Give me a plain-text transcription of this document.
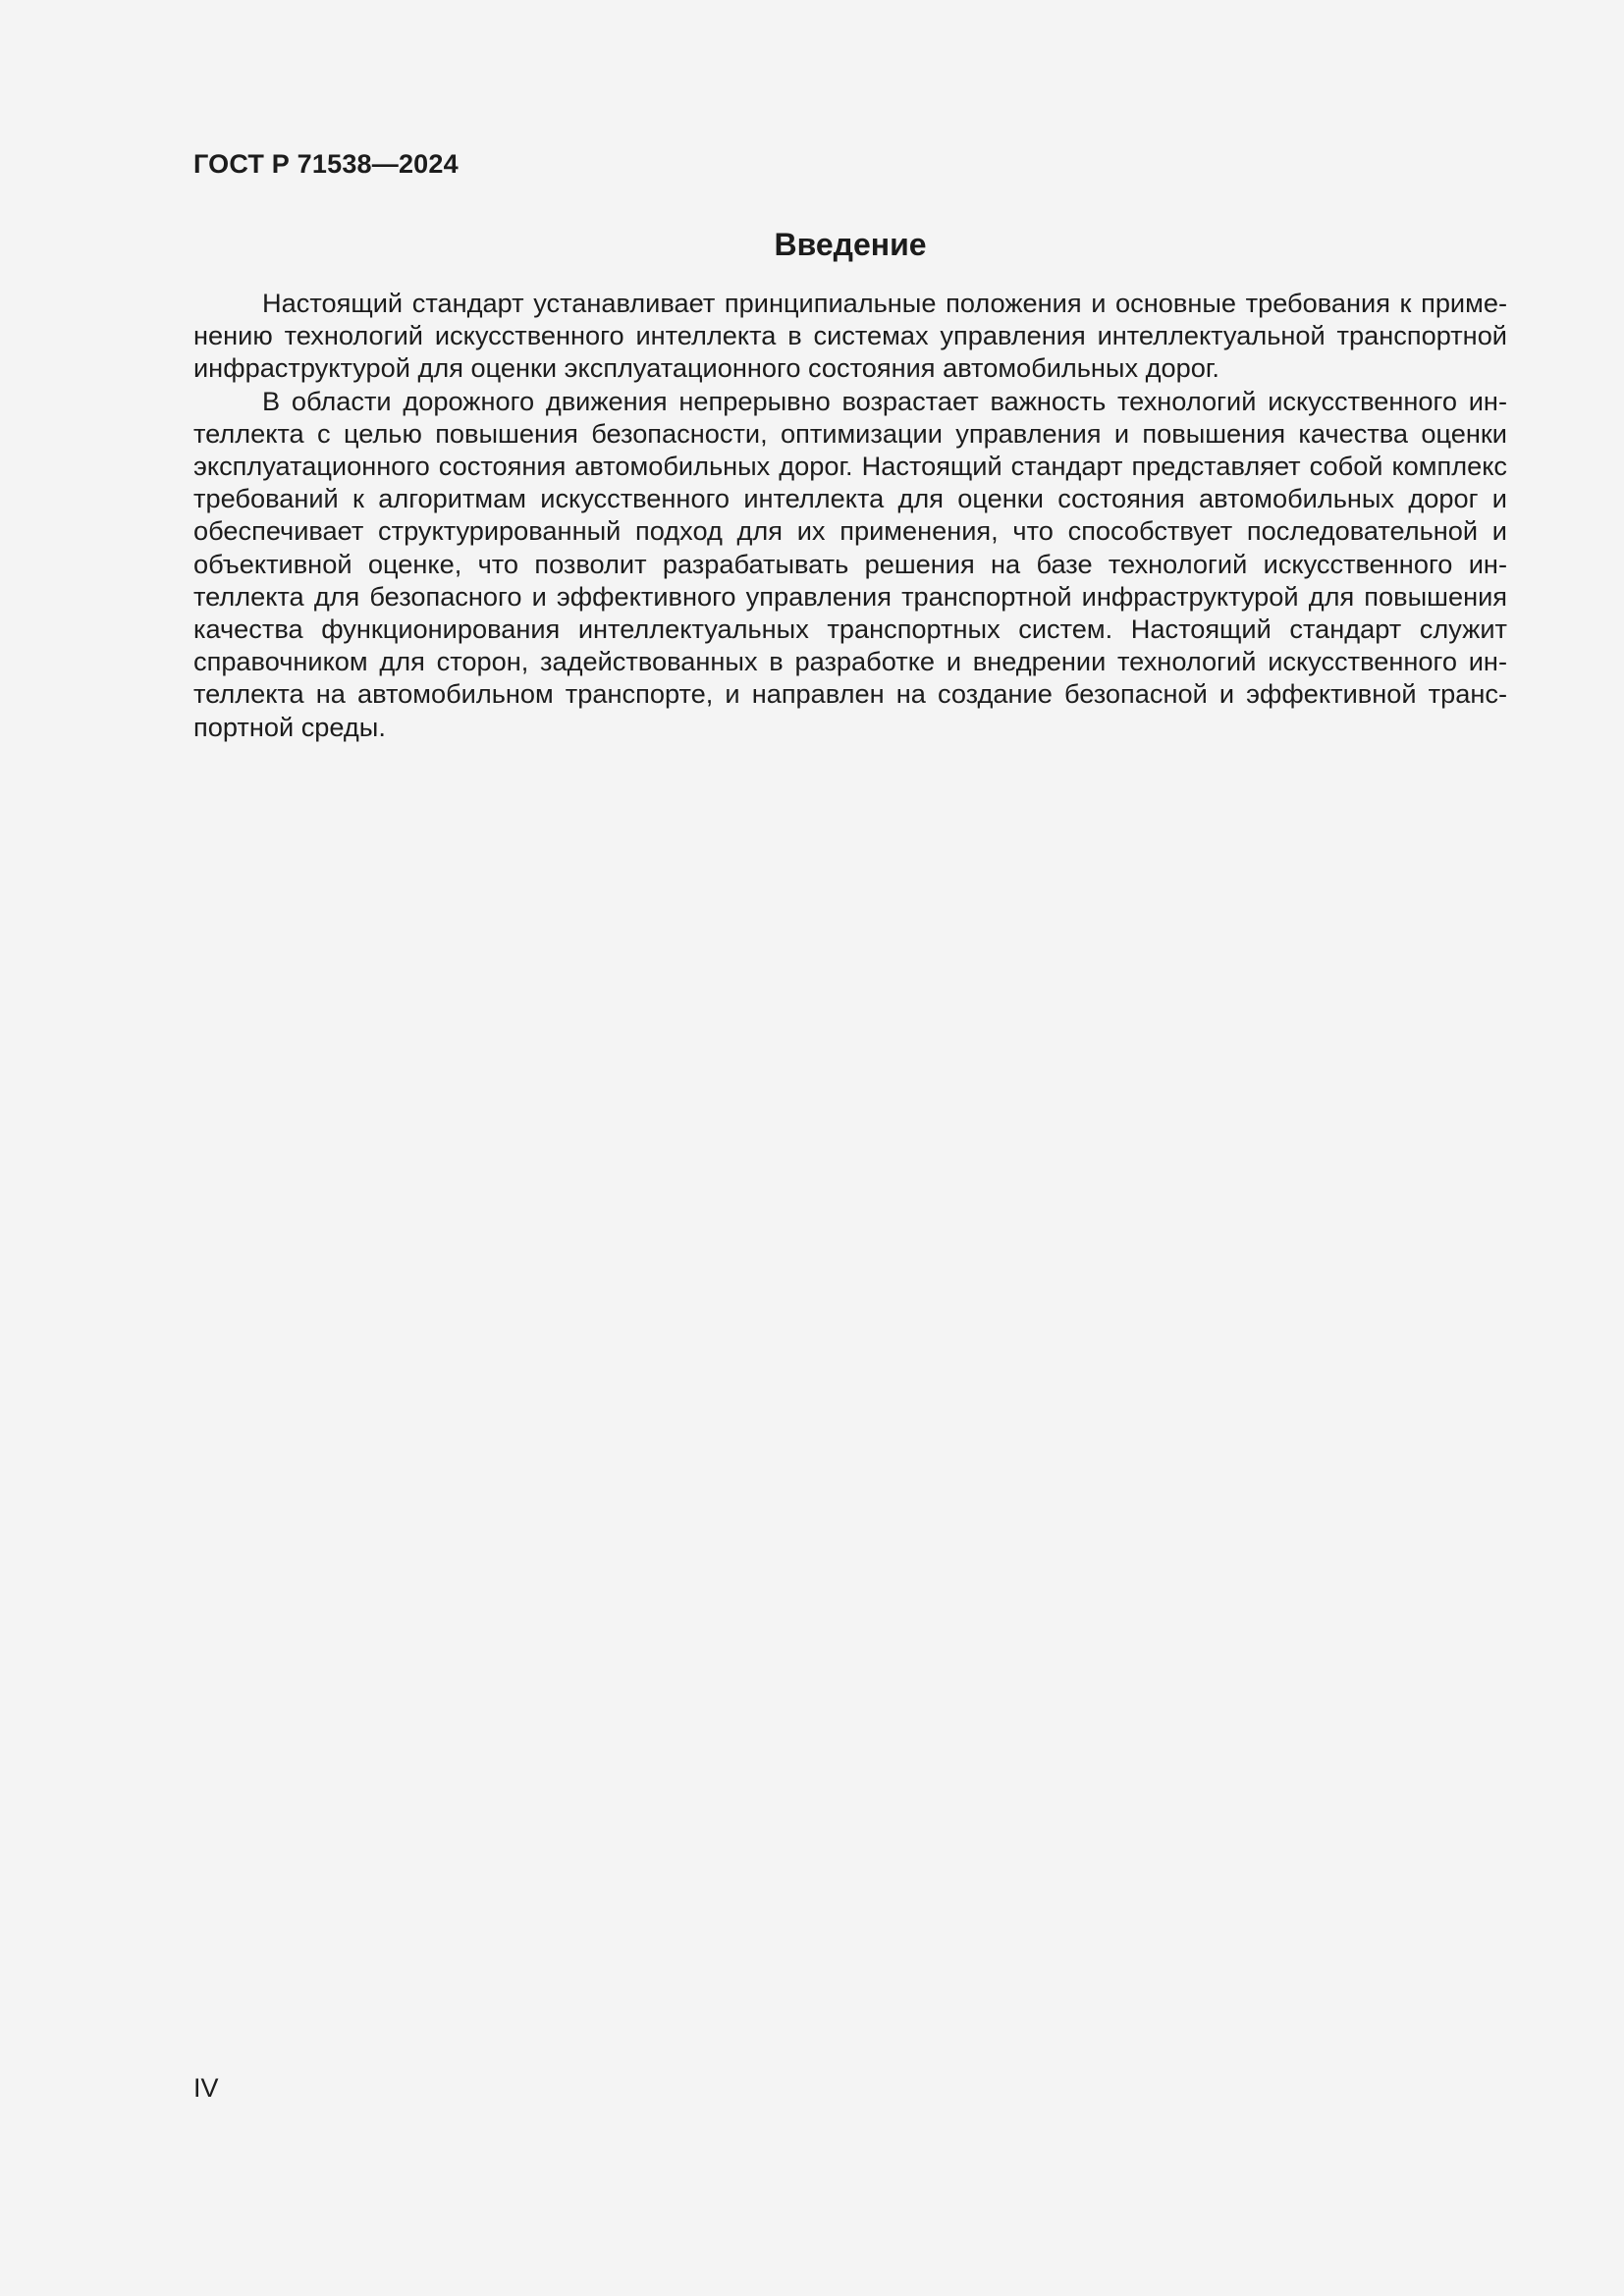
ГОСТ Р 71538—2024
Введение

Настоящий стандарт устанавливает принципиальные положения и основные требования к применению технологий искусственного интеллекта в системах управления интеллектуальной транспортной инфраструктурой для оценки эксплуатационного состояния автомобильных дорог.

В области дорожного движения непрерывно возрастает важность технологий искусственного интеллекта с целью повышения безопасности, оптимизации управления и повышения качества оценки эксплуатационного состояния автомобильных дорог. Настоящий стандарт представляет собой комплекс требований к алгоритмам искусственного интеллекта для оценки состояния автомобильных дорог и обеспечивает структурированный подход для их применения, что способствует последовательной и объективной оценке, что позволит разрабатывать решения на базе технологий искусственного интеллекта для безопасного и эффективного управления транспортной инфраструктурой для повышения качества функционирования интеллектуальных транспортных систем. Настоящий стандарт служит справочником для сторон, задействованных в разработке и внедрении технологий искусственного интеллекта на автомобильном транспорте, и направлен на создание безопасной и эффективной транспортной среды.

IV
